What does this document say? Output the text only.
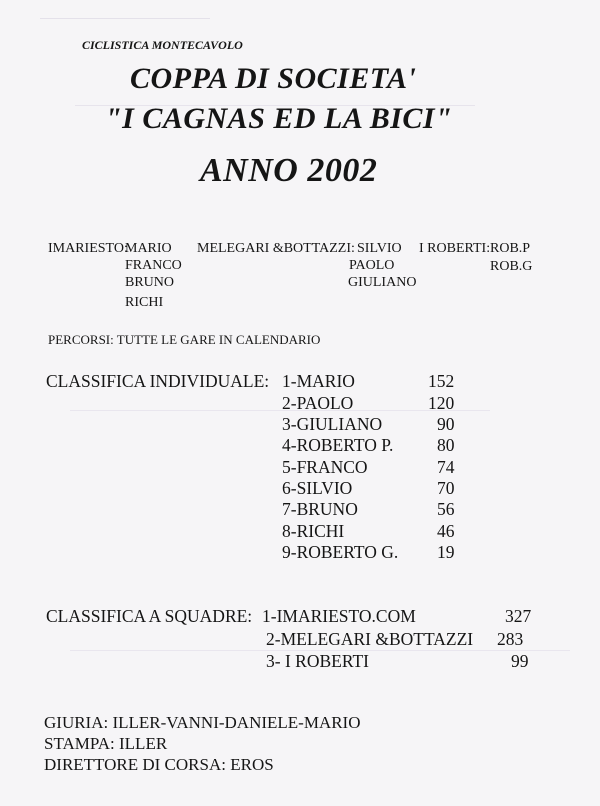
CICLISTICA MONTECAVOLO
COPPA DI SOCIETA'
"I CAGNAS ED LA BICI"
ANNO 2002
IMARIESTO:
MARIO
FRANCO
BRUNO
RICHI
MELEGARI &BOTTAZZI: SILVIO
PAOLO
GIULIANO
I ROBERTI: ROB.P
ROB.G
PERCORSI: TUTTE LE GARE IN CALENDARIO
CLASSIFICA INDIVIDUALE: 1-MARIO	152
2-PAOLO	120
3-GIULIANO	90
4-ROBERTO P. 80
5-FRANCO	74
6-SILVIO	70
7-BRUNO	56
8-RICHI	46
9-ROBERTO G. 19
CLASSIFICA A SQUADRE: 1-IMARIESTO.COM	327
2-MELEGARI &BOTTAZZI 283
3- I ROBERTI	99
GIURIA: ILLER-VANNI-DANIELE-MARIO
STAMPA: ILLER
DIRETTORE DI CORSA: EROS
